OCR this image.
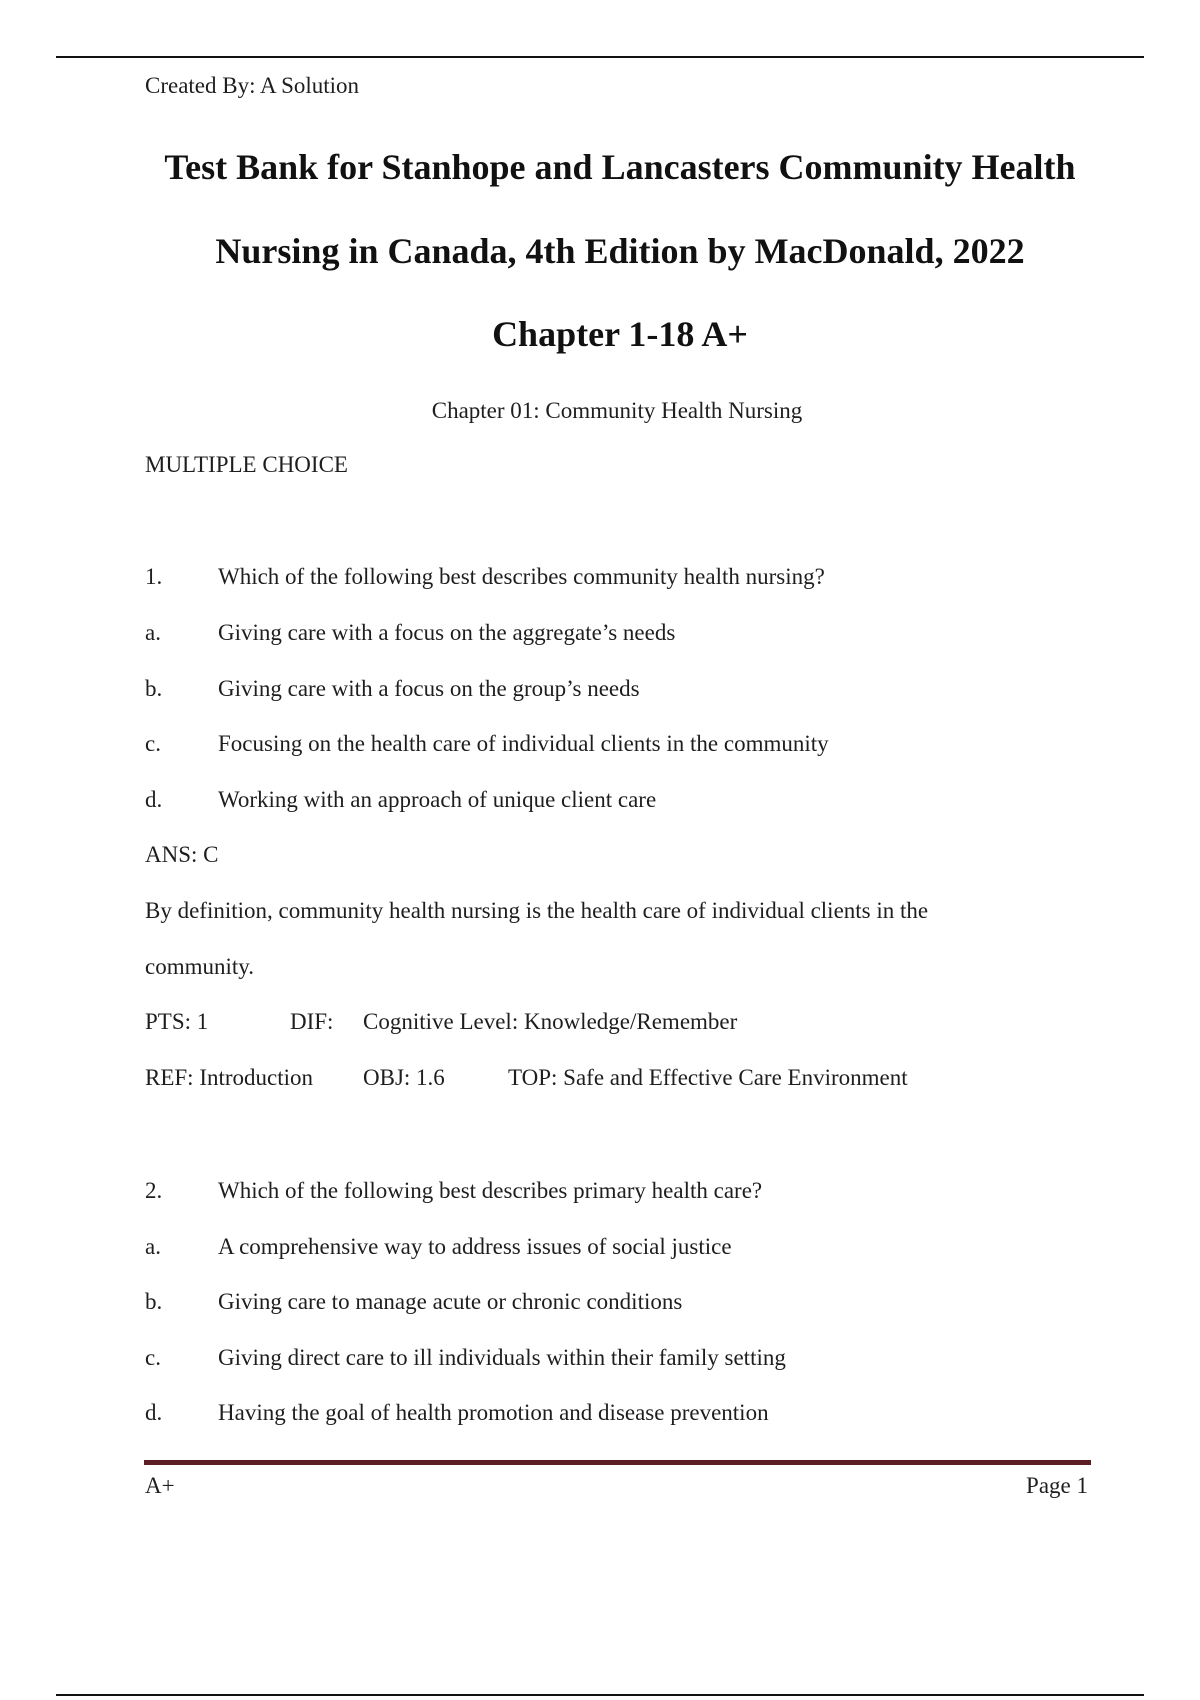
Created By: A Solution
Test Bank for Stanhope and Lancasters Community Health
Nursing in Canada, 4th Edition by MacDonald, 2022
Chapter 1-18 A+
Chapter 01: Community Health Nursing
MULTIPLE CHOICE
1. Which of the following best describes community health nursing?
a. Giving care with a focus on the aggregate’s needs
b. Giving care with a focus on the group’s needs
c. Focusing on the health care of individual clients in the community
d. Working with an approach of unique client care
ANS: C
By definition, community health nursing is the health care of individual clients in the
community.
PTS: 1	DIF: Cognitive Level: Knowledge/Remember
REF: Introduction OBJ: 1.6	TOP: Safe and Effective Care Environment
2. Which of the following best describes primary health care?
a. A comprehensive way to address issues of social justice
b. Giving care to manage acute or chronic conditions
c. Giving direct care to ill individuals within their family setting
d. Having the goal of health promotion and disease prevention
A+	Page 1
